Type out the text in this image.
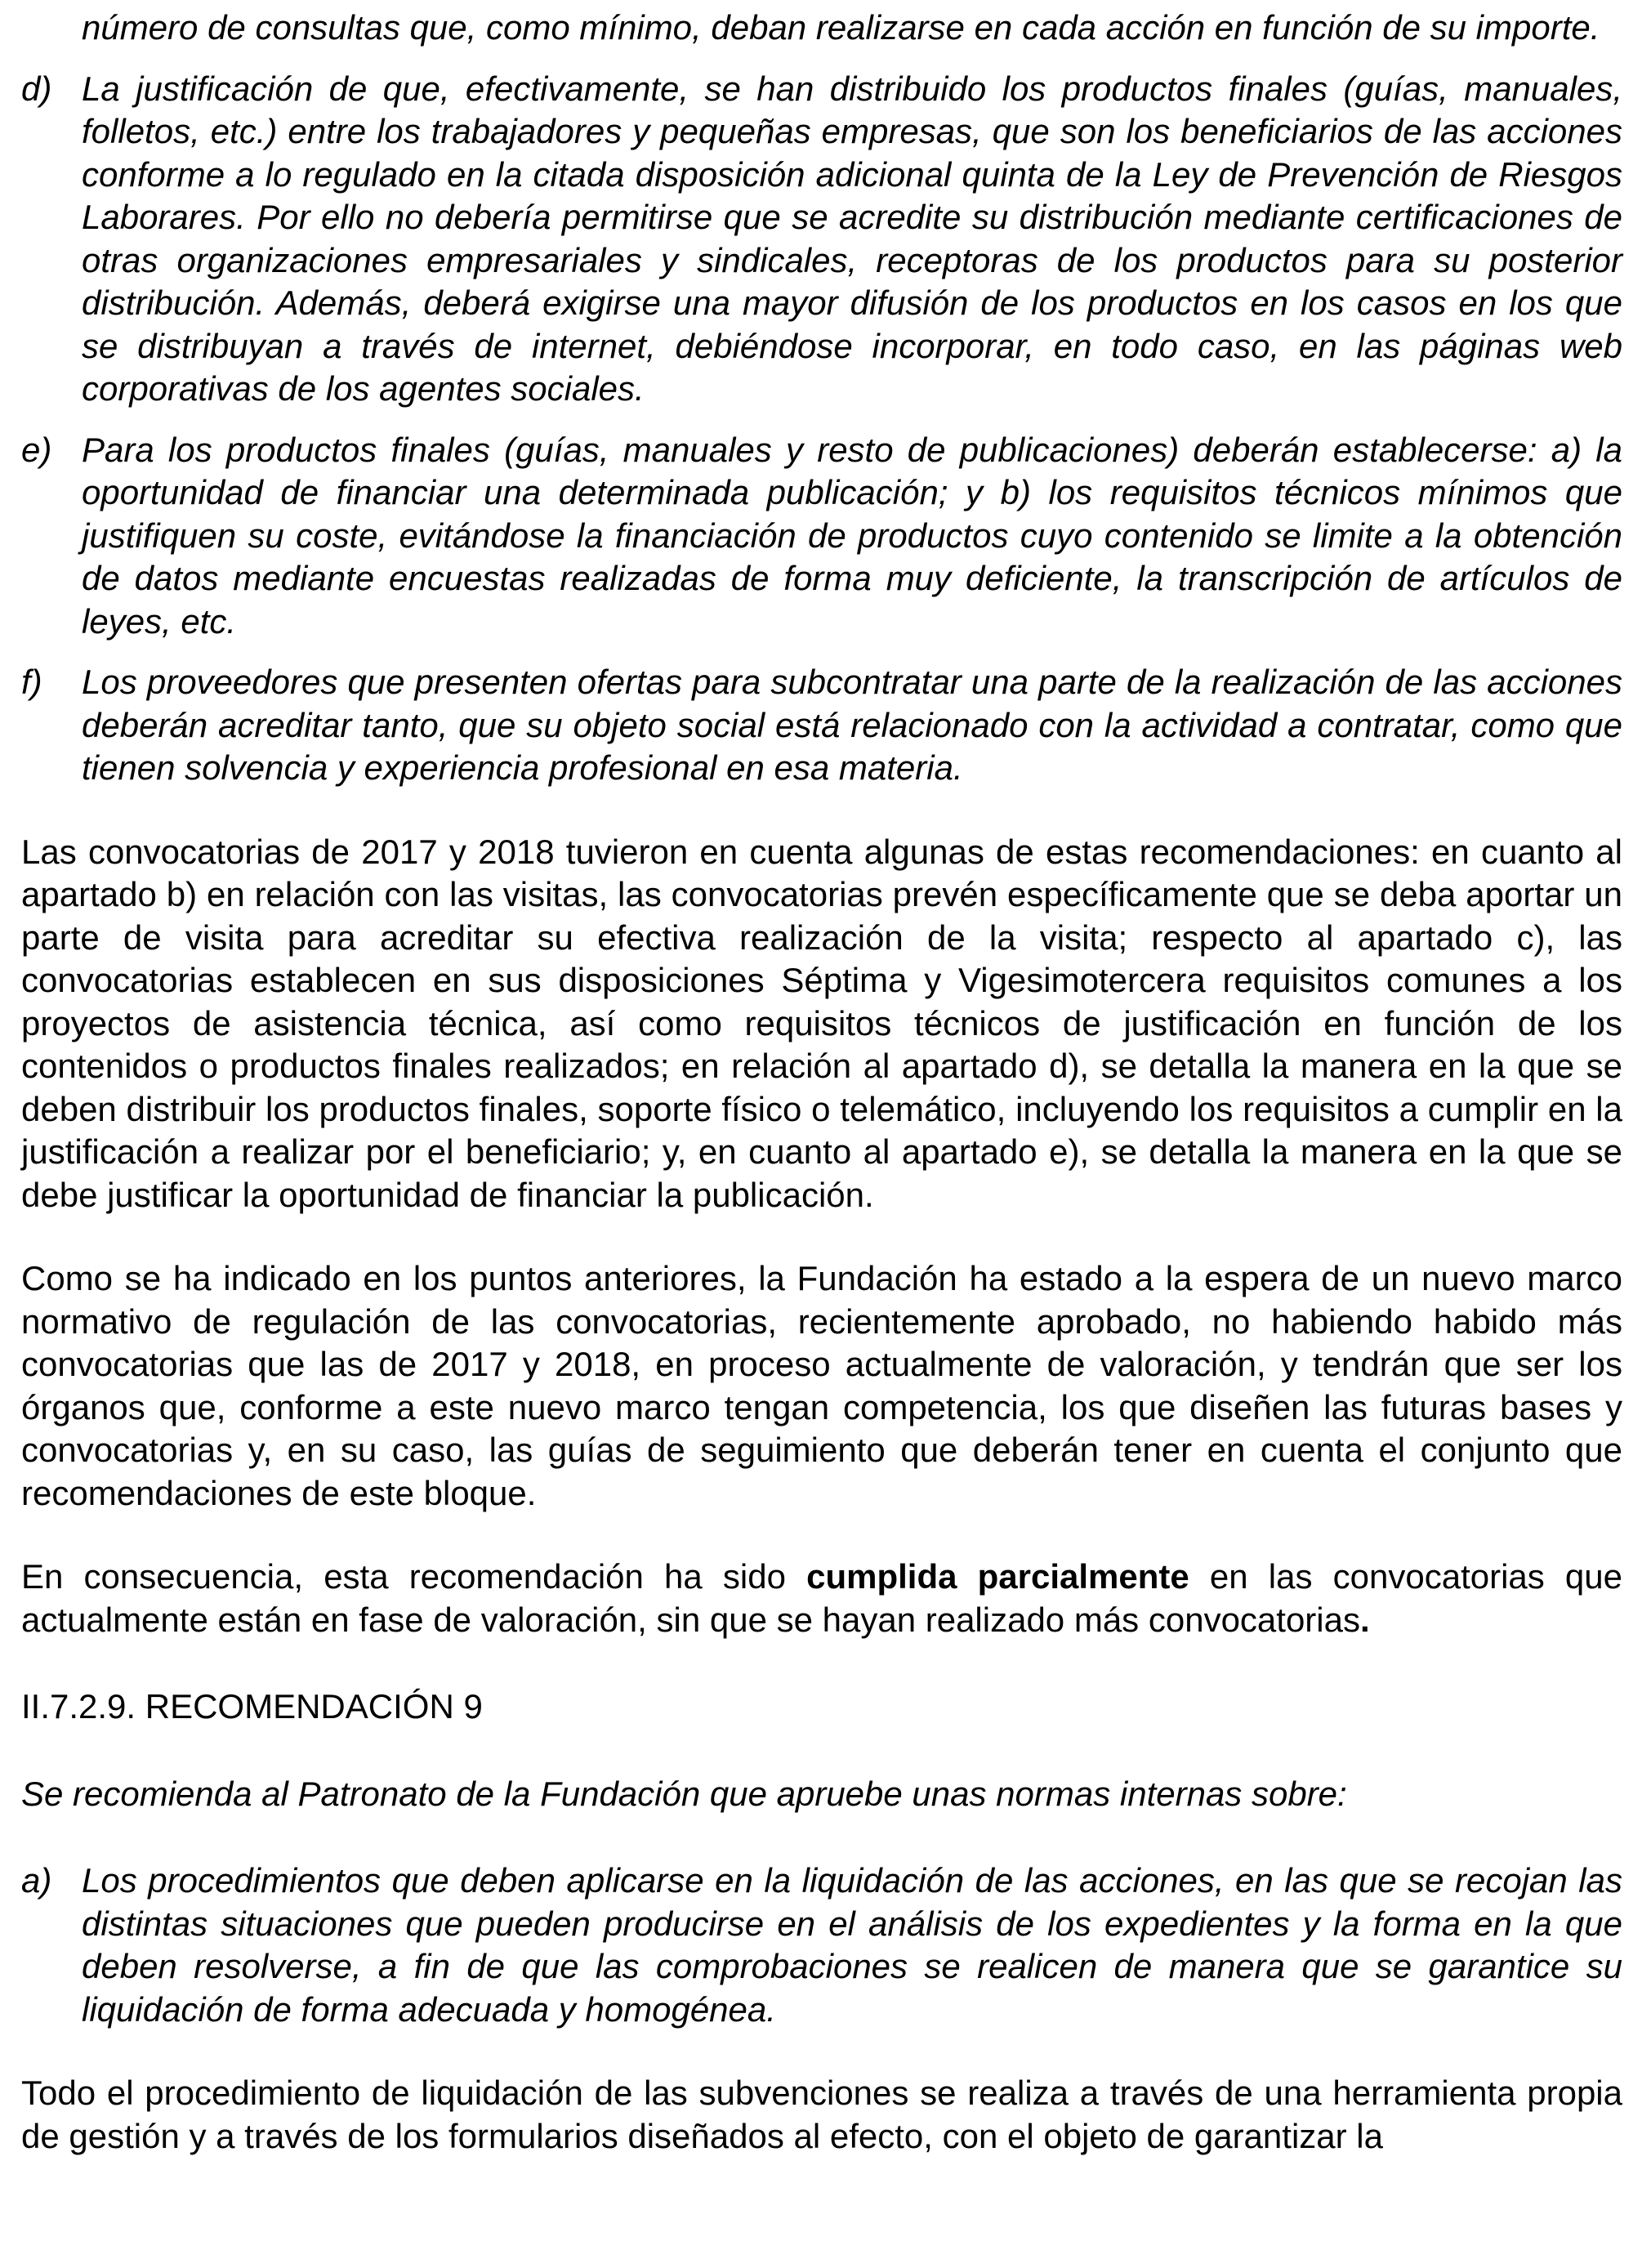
número de consultas que, como mínimo, deban realizarse en cada acción en función de su importe.
d) La justificación de que, efectivamente, se han distribuido los productos finales (guías, manuales, folletos, etc.) entre los trabajadores y pequeñas empresas, que son los beneficiarios de las acciones conforme a lo regulado en la citada disposición adicional quinta de la Ley de Prevención de Riesgos Laborares. Por ello no debería permitirse que se acredite su distribución mediante certificaciones de otras organizaciones empresariales y sindicales, receptoras de los productos para su posterior distribución. Además, deberá exigirse una mayor difusión de los productos en los casos en los que se distribuyan a través de internet, debiéndose incorporar, en todo caso, en las páginas web corporativas de los agentes sociales.
e) Para los productos finales (guías, manuales y resto de publicaciones) deberán establecerse: a) la oportunidad de financiar una determinada publicación; y b) los requisitos técnicos mínimos que justifiquen su coste, evitándose la financiación de productos cuyo contenido se limite a la obtención de datos mediante encuestas realizadas de forma muy deficiente, la transcripción de artículos de leyes, etc.
f) Los proveedores que presenten ofertas para subcontratar una parte de la realización de las acciones deberán acreditar tanto, que su objeto social está relacionado con la actividad a contratar, como que tienen solvencia y experiencia profesional en esa materia.

Las convocatorias de 2017 y 2018 tuvieron en cuenta algunas de estas recomendaciones: en cuanto al apartado b) en relación con las visitas, las convocatorias prevén específicamente que se deba aportar un parte de visita para acreditar su efectiva realización de la visita; respecto al apartado c), las convocatorias establecen en sus disposiciones Séptima y Vigesimotercera requisitos comunes a los proyectos de asistencia técnica, así como requisitos técnicos de justificación en función de los contenidos o productos finales realizados; en relación al apartado d), se detalla la manera en la que se deben distribuir los productos finales, soporte físico o telemático, incluyendo los requisitos a cumplir en la justificación a realizar por el beneficiario; y, en cuanto al apartado e), se detalla la manera en la que se debe justificar la oportunidad de financiar la publicación.

Como se ha indicado en los puntos anteriores, la Fundación ha estado a la espera de un nuevo marco normativo de regulación de las convocatorias, recientemente aprobado, no habiendo habido más convocatorias que las de 2017 y 2018, en proceso actualmente de valoración, y tendrán que ser los órganos que, conforme a este nuevo marco tengan competencia, los que diseñen las futuras bases y convocatorias y, en su caso, las guías de seguimiento que deberán tener en cuenta el conjunto que recomendaciones de este bloque.

En consecuencia, esta recomendación ha sido cumplida parcialmente en las convocatorias que actualmente están en fase de valoración, sin que se hayan realizado más convocatorias.

II.7.2.9. RECOMENDACIÓN 9

Se recomienda al Patronato de la Fundación que apruebe unas normas internas sobre:

a) Los procedimientos que deben aplicarse en la liquidación de las acciones, en las que se recojan las distintas situaciones que pueden producirse en el análisis de los expedientes y la forma en la que deben resolverse, a fin de que las comprobaciones se realicen de manera que se garantice su liquidación de forma adecuada y homogénea.

Todo el procedimiento de liquidación de las subvenciones se realiza a través de una herramienta propia de gestión y a través de los formularios diseñados al efecto, con el objeto de garantizar la
